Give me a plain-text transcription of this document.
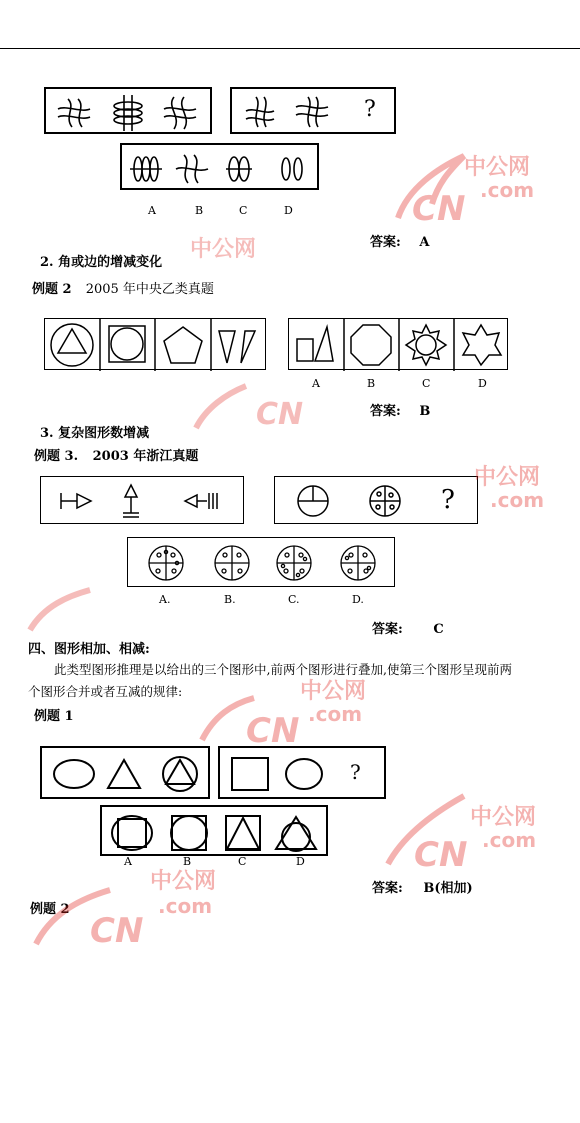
?
A	B	C	D
答案: A
2. 角或边的增减变化
例题 2 2005 年中央乙类真题
A	B	C	D
答案: B
3. 复杂图形数增减
例题 3. 2003 年浙江真题
?
A.	B.	C.	D.
答案: C
四、图形相加、相减:
此类型图形推理是以给出的三个图形中,前两个图形进行叠加,使第三个图形呈现前两
个图形合并或者互减的规律:
例题 1
?
A	B	C	D
答案: B(相加)
例题 2
CN
中公网
.com
中公网
CN
中公网
.com
CN
中公网
.com
CN
中公网
.com
CN
中公网
.com
